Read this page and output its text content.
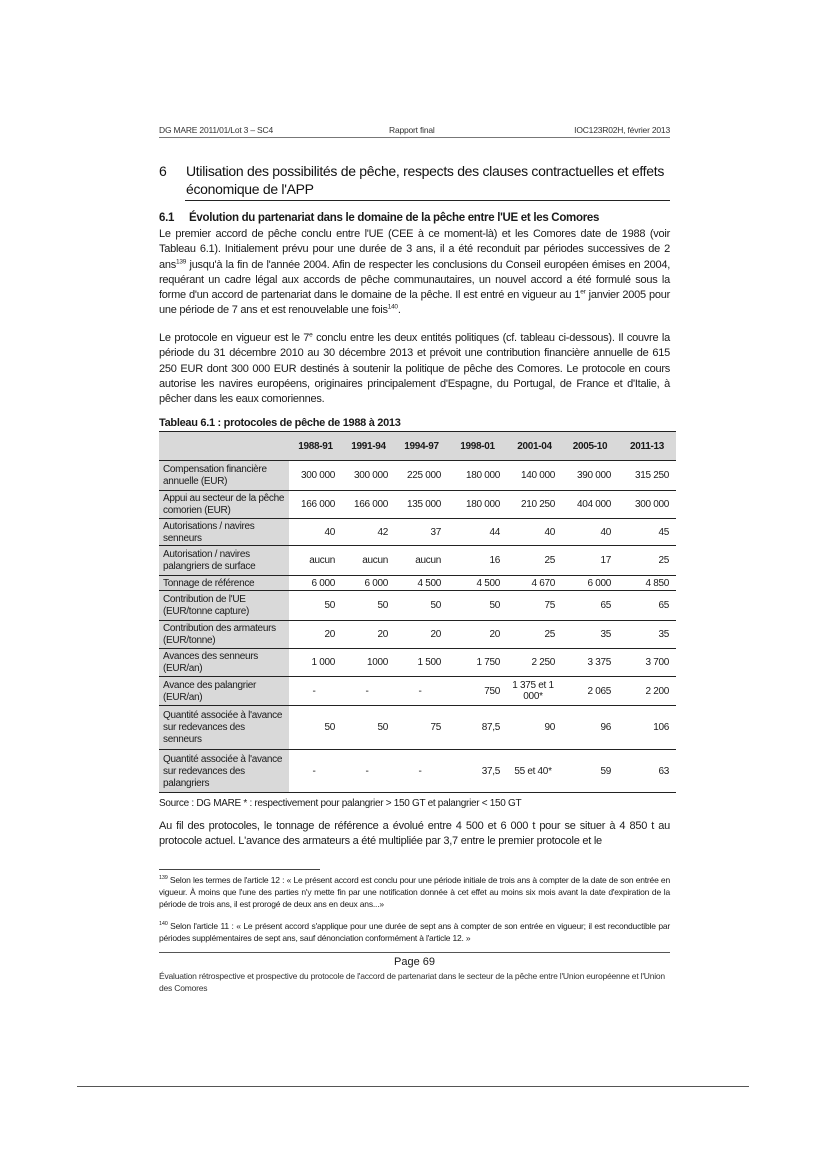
DG MARE 2011/01/Lot 3 – SC4	Rapport final	IOC123R02H, février 2013
6 Utilisation des possibilités de pêche, respects des clauses contractuelles et effets économique de l'APP
6.1 Évolution du partenariat dans le domaine de la pêche entre l'UE et les Comores

Le premier accord de pêche conclu entre l'UE (CEE à ce moment-là) et les Comores date de 1988 (voir Tableau 6.1). Initialement prévu pour une durée de 3 ans, il a été reconduit par périodes successives de 2 ans$^{139}$ jusqu'à la fin de l'année 2004. Afin de respecter les conclusions du Conseil européen émises en 2004, requérant un cadre légal aux accords de pêche communautaires, un nouvel accord a été formulé sous la forme d'un accord de partenariat dans le domaine de la pêche. Il est entré en vigueur au 1er janvier 2005 pour une période de 7 ans et est renouvelable une fois$^{140}$.

Le protocole en vigueur est le 7e conclu entre les deux entités politiques (cf. tableau ci-dessous). Il couvre la période du 31 décembre 2010 au 30 décembre 2013 et prévoit une contribution financière annuelle de 615 250 EUR dont 300 000 EUR destinés à soutenir la politique de pêche des Comores. Le protocole en cours autorise les navires européens, originaires principalement d'Espagne, du Portugal, de France et d'Italie, à pêcher dans les eaux comoriennes.

Tableau 6.1 : protocoles de pêche de 1988 à 2013
	1988-91	1991-94	1994-97	1998-01	2001-04	2005-10	2011-13
Compensation financière annuelle (EUR)	300 000	300 000	225 000	180 000	140 000	390 000	315 250
Appui au secteur de la pêche comorien (EUR)	166 000	166 000	135 000	180 000	210 250	404 000	300 000
Autorisations / navires senneurs	40	42	37	44	40	40	45
Autorisation / navires palangriers de surface	aucun	aucun	aucun	16	25	17	25
Tonnage de référence	6 000	6 000	4 500	4 500	4 670	6 000	4 850
Contribution de l'UE (EUR/tonne capture)	50	50	50	50	75	65	65
Contribution des armateurs (EUR/tonne)	20	20	20	20	25	35	35
Avances des senneurs (EUR/an)	1 000	1000	1 500	1 750	2 250	3 375	3 700
Avance des palangrier (EUR/an)	-	-	-	750	1 375 et 1 000*	2 065	2 200
Quantité associée à l'avance sur redevances des senneurs	50	50	75	87,5	90	96	106
Quantité associée à l'avance sur redevances des palangriers	-	-	-	37,5	55 et 40*	59	63
Source : DG MARE * : respectivement pour palangrier > 150 GT et palangrier < 150 GT

Au fil des protocoles, le tonnage de référence a évolué entre 4 500 et 6 000 t pour se situer à 4 850 t au protocole actuel. L'avance des armateurs a été multipliée par 3,7 entre le premier protocole et le

$^{139}$ Selon les termes de l'article 12 : « Le présent accord est conclu pour une période initiale de trois ans à compter de la date de son entrée en vigueur. À moins que l'une des parties n'y mette fin par une notification donnée à cet effet au moins six mois avant la date d'expiration de la période de trois ans, il est prorogé de deux ans en deux ans...»

$^{140}$ Selon l'article 11 : « Le présent accord s'applique pour une durée de sept ans à compter de son entrée en vigueur; il est reconductible par périodes supplémentaires de sept ans, sauf dénonciation conformément à l'article 12. »

Page 69
Évaluation rétrospective et prospective du protocole de l'accord de partenariat dans le secteur de la pêche entre l'Union européenne et l'Union des Comores
